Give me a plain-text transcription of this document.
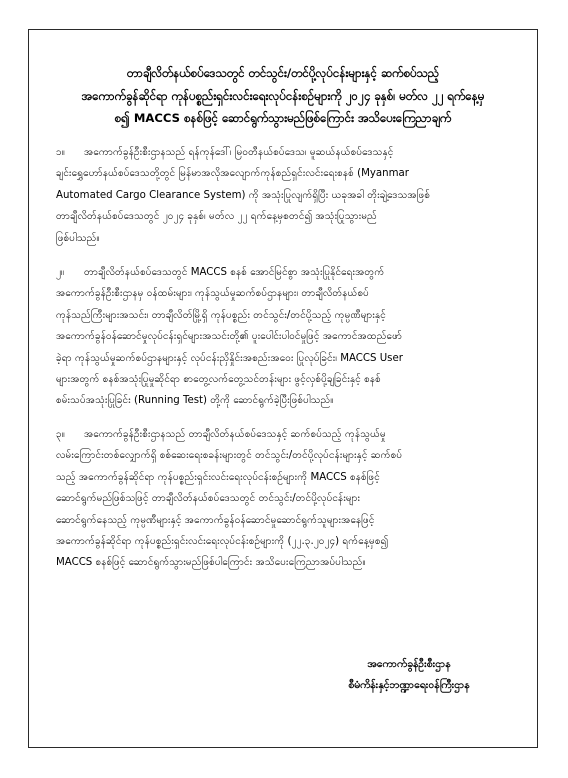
တာချီလိတ်နယ်စပ်ဒေသတွင် တင်သွင်း/တင်ပို့လုပ်ငန်းများနှင့် ဆက်စပ်သည့်
အကောက်ခွန်ဆိုင်ရာ ကုန်ပစ္စည်းရှင်းလင်းရေးလုပ်ငန်းစဉ်များကို ၂၀၂၄ ခုနှစ်၊ မတ်လ ၂၂ ရက်နေ့မှ
စ၍ MACCS စနစ်ဖြင့် ဆောင်ရွက်သွားမည်ဖြစ်ကြောင်း အသိပေးကြေညာချက်
၁။ အကောက်ခွန်ဦးစီးဌာနသည် ရန်ကုန်ဒေါ်၊ မြဝတီနယ်စပ်ဒေသ၊ မူဆယ်နယ်စပ်ဒေသနှင့်
ချင်းရွှေဟော်နယ်စပ်ဒေသတို့တွင် မြန်မာအလိုအလျောက်ကုန်စည်ရှင်းလင်းရေးစနစ် (Myanmar
Automated Cargo Clearance System) ကို အသုံးပြုလျက်ရှိပြီး ယခုအခါ တိုးချဲ့ဒေသအဖြစ်
တာချီလိတ်နယ်စပ်ဒေသတွင် ၂၀၂၄ ခုနှစ်၊ မတ်လ ၂၂ ရက်နေ့မှစတင်၍ အသုံးပြုသွားမည်
ဖြစ်ပါသည်။
၂။ တာချီလိတ်နယ်စပ်ဒေသတွင် MACCS စနစ် အောင်မြင်စွာ အသုံးပြုနိုင်ရေးအတွက်
အကောက်ခွန်ဦးစီးဌာနမှ ဝန်ထမ်းများ၊ ကုန်သွယ်မှုဆက်စပ်ဌာနများ၊ တာချီလိတ်နယ်စပ်
ကုန်သည်ကြီးများအသင်း၊ တာချီလိတ်မြို့ရှိ ကုန်ပစ္စည်း တင်သွင်း/တင်ပို့သည့် ကုမ္ပဏီများနှင့်
အကောက်ခွန်ဝန်ဆောင်မှုလုပ်ငန်းရှင်များအသင်းတို့၏ ပူးပေါင်းပါဝင်မှုဖြင့် အကောင်အထည်ဖော်
ခဲ့ရာ ကုန်သွယ်မှုဆက်စပ်ဌာနများနှင့် လုပ်ငန်းညှိနှိုင်းအစည်းအဝေး ပြုလုပ်ခြင်း၊ MACCS User
များအတွက် စနစ်အသုံးပြုမှုဆိုင်ရာ စာတွေ့လက်တွေ့သင်တန်းများ ဖွင့်လှစ်ပို့ချခြင်းနှင့် စနစ်
စမ်းသပ်အသုံးပြုခြင်း (Running Test) တို့ကို ဆောင်ရွက်ခဲ့ပြီးဖြစ်ပါသည်။
၃။ အကောက်ခွန်ဦးစီးဌာနသည် တာချီလိတ်နယ်စပ်ဒေသနှင့် ဆက်စပ်သည့် ကုန်သွယ်မှု
လမ်းကြောင်းတစ်လျှောက်ရှိ စစ်ဆေးရေးစခန်းများတွင် တင်သွင်း/တင်ပို့လုပ်ငန်းများနှင့် ဆက်စပ်
သည့် အကောက်ခွန်ဆိုင်ရာ ကုန်ပစ္စည်းရှင်းလင်းရေးလုပ်ငန်းစဉ်များကို MACCS စနစ်ဖြင့်
ဆောင်ရွက်မည်ဖြစ်သဖြင့် တာချီလိတ်နယ်စပ်ဒေသတွင် တင်သွင်း/တင်ပို့လုပ်ငန်းများ
ဆောင်ရွက်နေသည့် ကုမ္ပဏီများနှင့် အကောက်ခွန်ဝန်ဆောင်မှုဆောင်ရွက်သူများအနေဖြင့်
အကောက်ခွန်ဆိုင်ရာ ကုန်ပစ္စည်းရှင်းလင်းရေးလုပ်ငန်းစဉ်များကို (၂၂.၃.၂၀၂၄) ရက်နေ့မှစ၍
MACCS စနစ်ဖြင့် ဆောင်ရွက်သွားမည်ဖြစ်ပါကြောင်း အသိပေးကြေညာအပ်ပါသည်။
အကောက်ခွန်ဦးစီးဌာန
စီမံကိန်းနှင့်ဘဏ္ဍာရေးဝန်ကြီးဌာန
